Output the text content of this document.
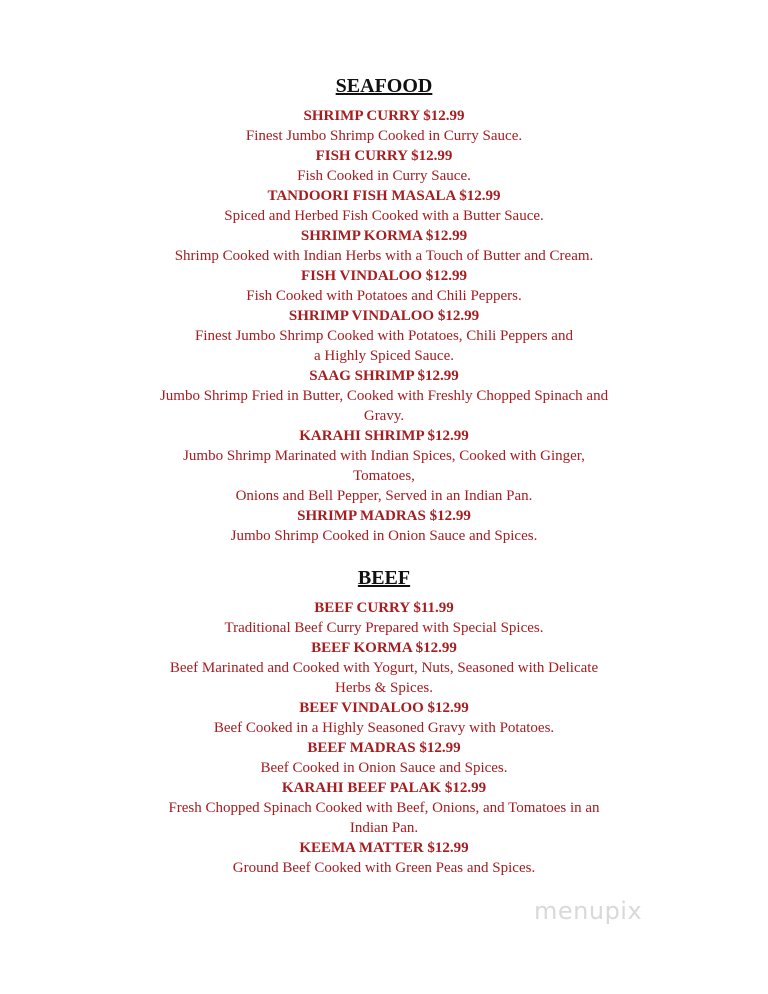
SEAFOOD
SHRIMP CURRY $12.99
Finest Jumbo Shrimp Cooked in Curry Sauce.
FISH CURRY $12.99
Fish Cooked in Curry Sauce.
TANDOORI FISH MASALA $12.99
Spiced and Herbed Fish Cooked with a Butter Sauce.
SHRIMP KORMA $12.99
Shrimp Cooked with Indian Herbs with a Touch of Butter and Cream.
FISH VINDALOO $12.99
Fish Cooked with Potatoes and Chili Peppers.
SHRIMP VINDALOO $12.99
Finest Jumbo Shrimp Cooked with Potatoes, Chili Peppers and
a Highly Spiced Sauce.
SAAG SHRIMP $12.99
Jumbo Shrimp Fried in Butter, Cooked with Freshly Chopped Spinach and
Gravy.
KARAHI SHRIMP $12.99
Jumbo Shrimp Marinated with Indian Spices, Cooked with Ginger,
Tomatoes,
Onions and Bell Pepper, Served in an Indian Pan.
SHRIMP MADRAS $12.99
Jumbo Shrimp Cooked in Onion Sauce and Spices.
BEEF
BEEF CURRY $11.99
Traditional Beef Curry Prepared with Special Spices.
BEEF KORMA $12.99
Beef Marinated and Cooked with Yogurt, Nuts, Seasoned with Delicate
Herbs & Spices.
BEEF VINDALOO $12.99
Beef Cooked in a Highly Seasoned Gravy with Potatoes.
BEEF MADRAS $12.99
Beef Cooked in Onion Sauce and Spices.
KARAHI BEEF PALAK $12.99
Fresh Chopped Spinach Cooked with Beef, Onions, and Tomatoes in an
Indian Pan.
KEEMA MATTER $12.99
Ground Beef Cooked with Green Peas and Spices.
menupix
